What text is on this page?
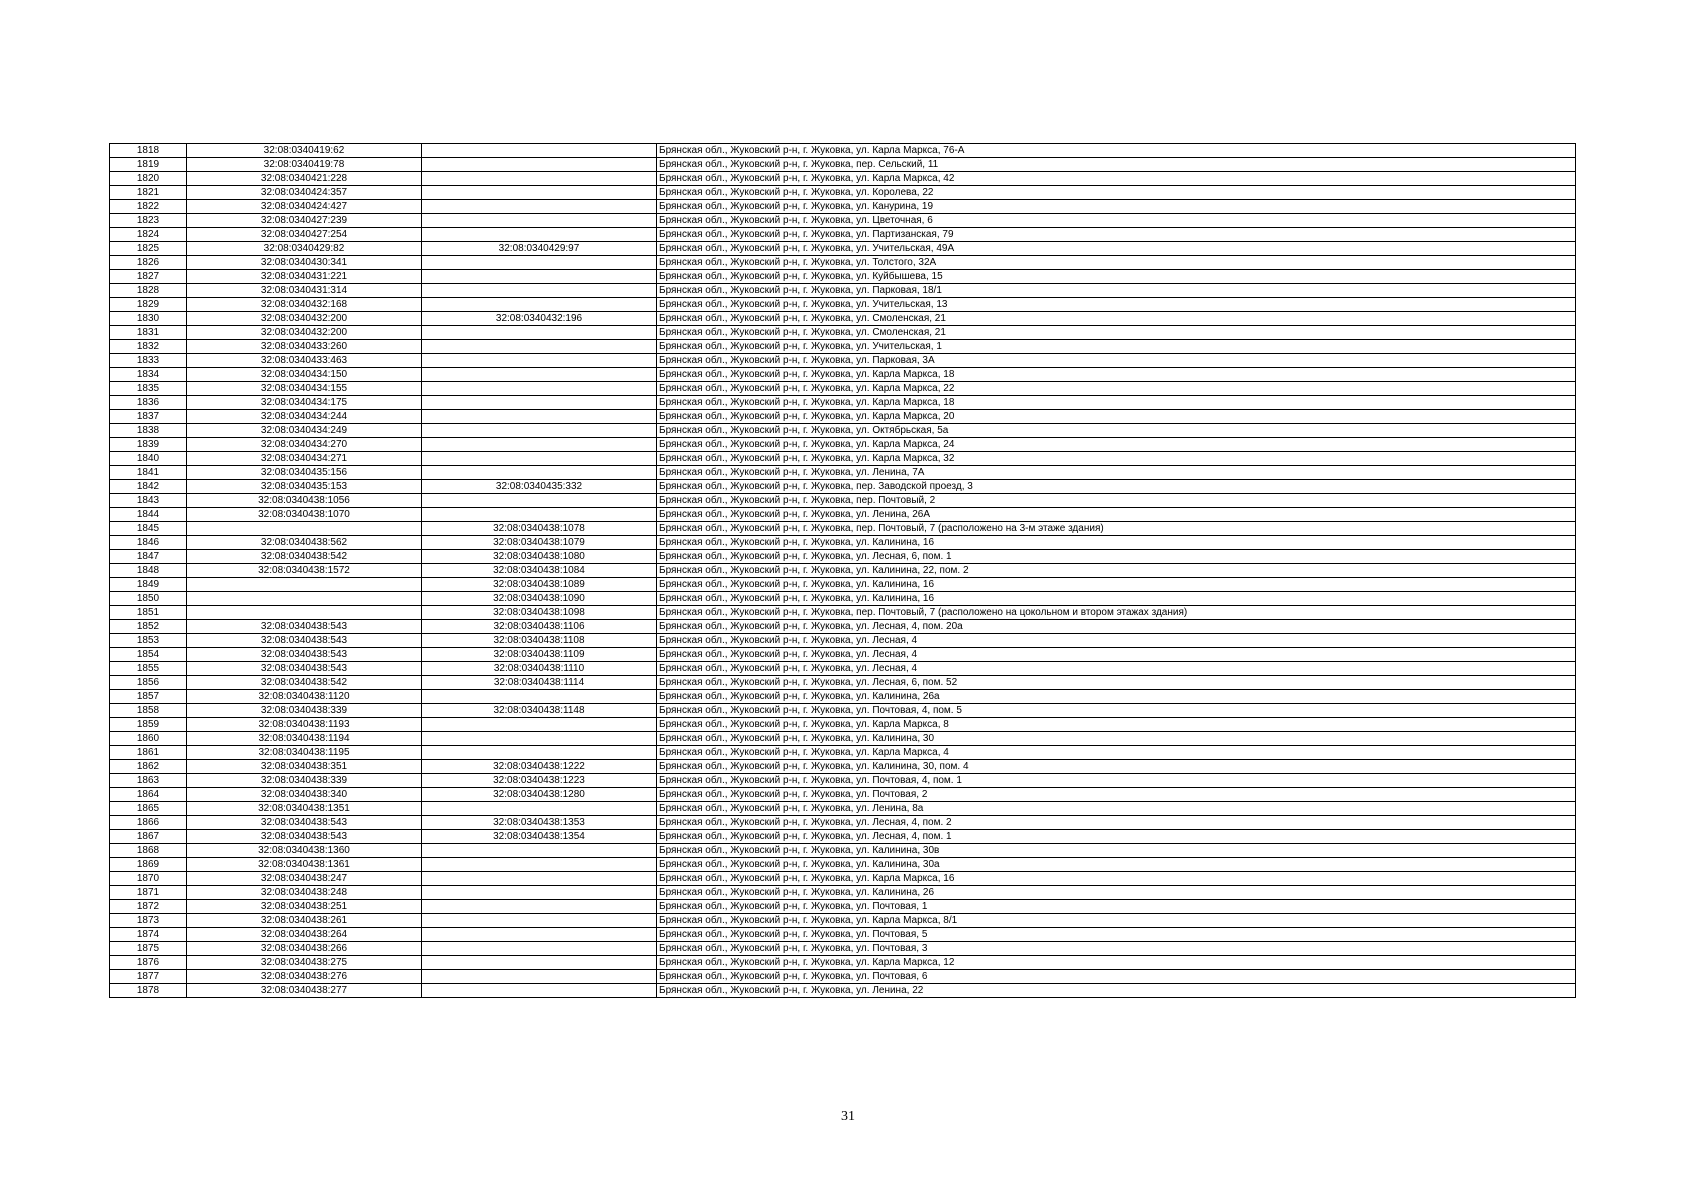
1818	32:08:0340419:62		Брянская обл., Жуковский р-н, г. Жуковка, ул. Карла Маркса, 76-А
1819	32:08:0340419:78		Брянская обл., Жуковский р-н, г. Жуковка, пер. Сельский, 11
1820	32:08:0340421:228		Брянская обл., Жуковский р-н, г. Жуковка, ул. Карла Маркса, 42
1821	32:08:0340424:357		Брянская обл., Жуковский р-н, г. Жуковка, ул. Королева, 22
1822	32:08:0340424:427		Брянская обл., Жуковский р-н, г. Жуковка, ул. Канурина, 19
1823	32:08:0340427:239		Брянская обл., Жуковский р-н, г. Жуковка, ул. Цветочная, 6
1824	32:08:0340427:254		Брянская обл., Жуковский р-н, г. Жуковка, ул. Партизанская, 79
1825	32:08:0340429:82	32:08:0340429:97	Брянская обл., Жуковский р-н, г. Жуковка, ул. Учительская, 49А
1826	32:08:0340430:341		Брянская обл., Жуковский р-н, г. Жуковка, ул. Толстого, 32А
1827	32:08:0340431:221		Брянская обл., Жуковский р-н, г. Жуковка, ул. Куйбышева, 15
1828	32:08:0340431:314		Брянская обл., Жуковский р-н, г. Жуковка, ул. Парковая, 18/1
1829	32:08:0340432:168		Брянская обл., Жуковский р-н, г. Жуковка, ул. Учительская, 13
1830	32:08:0340432:200	32:08:0340432:196	Брянская обл., Жуковский р-н, г. Жуковка, ул. Смоленская, 21
1831	32:08:0340432:200		Брянская обл., Жуковский р-н, г. Жуковка, ул. Смоленская, 21
1832	32:08:0340433:260		Брянская обл., Жуковский р-н, г. Жуковка, ул. Учительская, 1
1833	32:08:0340433:463		Брянская обл., Жуковский р-н, г. Жуковка, ул. Парковая, 3А
1834	32:08:0340434:150		Брянская обл., Жуковский р-н, г. Жуковка, ул. Карла Маркса, 18
1835	32:08:0340434:155		Брянская обл., Жуковский р-н, г. Жуковка, ул. Карла Маркса, 22
1836	32:08:0340434:175		Брянская обл., Жуковский р-н, г. Жуковка, ул. Карла Маркса, 18
1837	32:08:0340434:244		Брянская обл., Жуковский р-н, г. Жуковка, ул. Карла Маркса, 20
1838	32:08:0340434:249		Брянская обл., Жуковский р-н, г. Жуковка, ул. Октябрьская, 5а
1839	32:08:0340434:270		Брянская обл., Жуковский р-н, г. Жуковка, ул. Карла Маркса, 24
1840	32:08:0340434:271		Брянская обл., Жуковский р-н, г. Жуковка, ул. Карла Маркса, 32
1841	32:08:0340435:156		Брянская обл., Жуковский р-н, г. Жуковка, ул. Ленина, 7А
1842	32:08:0340435:153	32:08:0340435:332	Брянская обл., Жуковский р-н, г. Жуковка, пер. Заводской проезд, 3
1843	32:08:0340438:1056		Брянская обл., Жуковский р-н, г. Жуковка, пер. Почтовый, 2
1844	32:08:0340438:1070		Брянская обл., Жуковский р-н, г. Жуковка, ул. Ленина, 26А
1845		32:08:0340438:1078	Брянская обл., Жуковский р-н, г. Жуковка, пер. Почтовый, 7 (расположено на 3-м этаже здания)
1846	32:08:0340438:562	32:08:0340438:1079	Брянская обл., Жуковский р-н, г. Жуковка, ул. Калинина, 16
1847	32:08:0340438:542	32:08:0340438:1080	Брянская обл., Жуковский р-н, г. Жуковка, ул. Лесная, 6, пом. 1
1848	32:08:0340438:1572	32:08:0340438:1084	Брянская обл., Жуковский р-н, г. Жуковка, ул. Калинина, 22, пом. 2
1849		32:08:0340438:1089	Брянская обл., Жуковский р-н, г. Жуковка, ул. Калинина, 16
1850		32:08:0340438:1090	Брянская обл., Жуковский р-н, г. Жуковка, ул. Калинина, 16
1851		32:08:0340438:1098	Брянская обл., Жуковский р-н, г. Жуковка, пер. Почтовый, 7 (расположено на цокольном и втором этажах здания)
1852	32:08:0340438:543	32:08:0340438:1106	Брянская обл., Жуковский р-н, г. Жуковка, ул. Лесная, 4, пом. 20а
1853	32:08:0340438:543	32:08:0340438:1108	Брянская обл., Жуковский р-н, г. Жуковка, ул. Лесная, 4
1854	32:08:0340438:543	32:08:0340438:1109	Брянская обл., Жуковский р-н, г. Жуковка, ул. Лесная, 4
1855	32:08:0340438:543	32:08:0340438:1110	Брянская обл., Жуковский р-н, г. Жуковка, ул. Лесная, 4
1856	32:08:0340438:542	32:08:0340438:1114	Брянская обл., Жуковский р-н, г. Жуковка, ул. Лесная, 6, пом. 52
1857	32:08:0340438:1120		Брянская обл., Жуковский р-н, г. Жуковка, ул. Калинина, 26а
1858	32:08:0340438:339	32:08:0340438:1148	Брянская обл., Жуковский р-н, г. Жуковка, ул. Почтовая, 4, пом. 5
1859	32:08:0340438:1193		Брянская обл., Жуковский р-н, г. Жуковка, ул. Карла Маркса, 8
1860	32:08:0340438:1194		Брянская обл., Жуковский р-н, г. Жуковка, ул. Калинина, 30
1861	32:08:0340438:1195		Брянская обл., Жуковский р-н, г. Жуковка, ул. Карла Маркса, 4
1862	32:08:0340438:351	32:08:0340438:1222	Брянская обл., Жуковский р-н, г. Жуковка, ул. Калинина, 30, пом. 4
1863	32:08:0340438:339	32:08:0340438:1223	Брянская обл., Жуковский р-н, г. Жуковка, ул. Почтовая, 4, пом. 1
1864	32:08:0340438:340	32:08:0340438:1280	Брянская обл., Жуковский р-н, г. Жуковка, ул. Почтовая, 2
1865	32:08:0340438:1351		Брянская обл., Жуковский р-н, г. Жуковка, ул. Ленина, 8а
1866	32:08:0340438:543	32:08:0340438:1353	Брянская обл., Жуковский р-н, г. Жуковка, ул. Лесная, 4, пом. 2
1867	32:08:0340438:543	32:08:0340438:1354	Брянская обл., Жуковский р-н, г. Жуковка, ул. Лесная, 4, пом. 1
1868	32:08:0340438:1360		Брянская обл., Жуковский р-н, г. Жуковка, ул. Калинина, 30в
1869	32:08:0340438:1361		Брянская обл., Жуковский р-н, г. Жуковка, ул. Калинина, 30а
1870	32:08:0340438:247		Брянская обл., Жуковский р-н, г. Жуковка, ул. Карла Маркса, 16
1871	32:08:0340438:248		Брянская обл., Жуковский р-н, г. Жуковка, ул. Калинина, 26
1872	32:08:0340438:251		Брянская обл., Жуковский р-н, г. Жуковка, ул. Почтовая, 1
1873	32:08:0340438:261		Брянская обл., Жуковский р-н, г. Жуковка, ул. Карла Маркса, 8/1
1874	32:08:0340438:264		Брянская обл., Жуковский р-н, г. Жуковка, ул. Почтовая, 5
1875	32:08:0340438:266		Брянская обл., Жуковский р-н, г. Жуковка, ул. Почтовая, 3
1876	32:08:0340438:275		Брянская обл., Жуковский р-н, г. Жуковка, ул. Карла Маркса, 12
1877	32:08:0340438:276		Брянская обл., Жуковский р-н, г. Жуковка, ул. Почтовая, 6
1878	32:08:0340438:277		Брянская обл., Жуковский р-н, г. Жуковка, ул. Ленина, 22
31
